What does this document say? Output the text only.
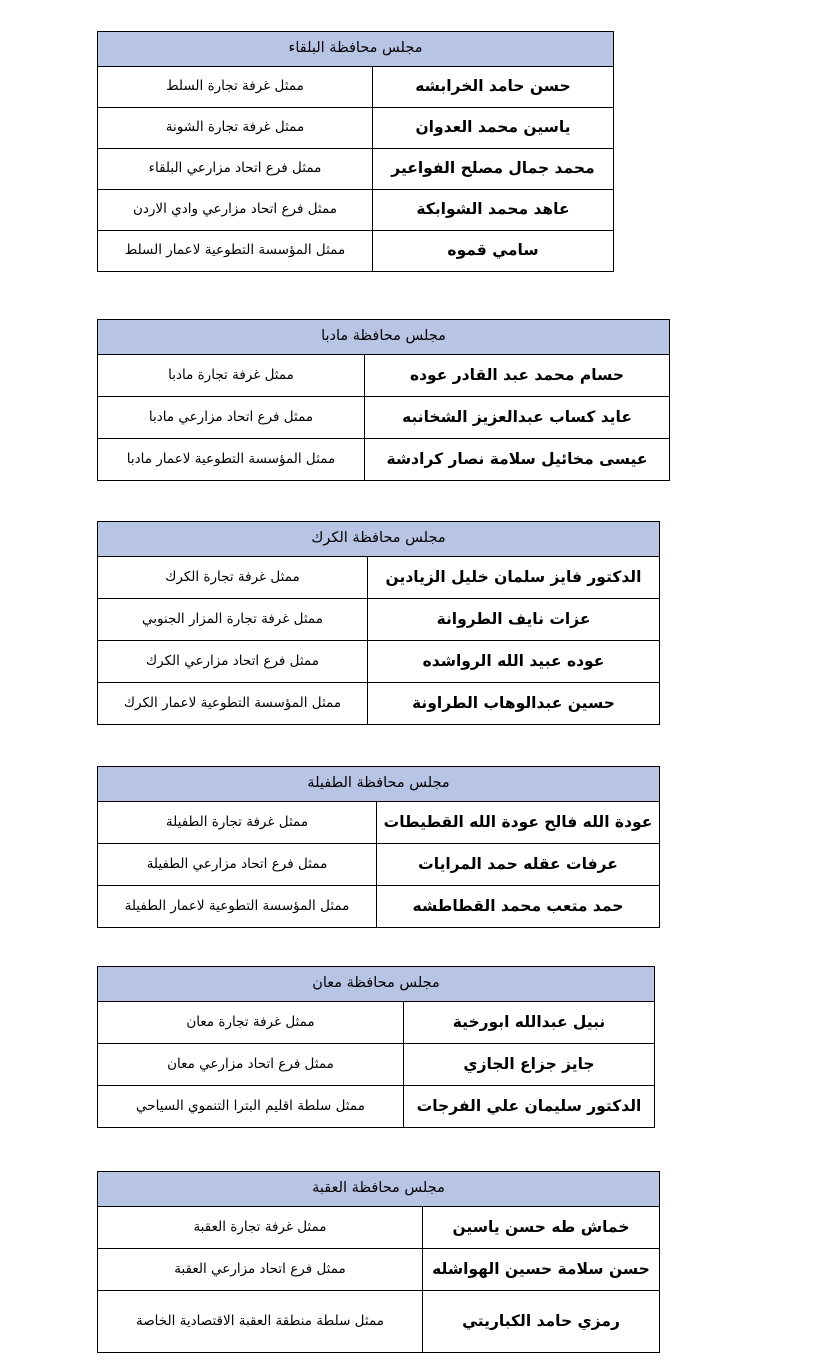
مجلس محافظة البلقاء	
حسن حامد الخرابشه	ممثل غرفة تجارة السلط
ياسين محمد العدوان	ممثل غرفة تجارة الشونة
محمد جمال مصلح الفواعير	ممثل فرع اتحاد مزارعي البلقاء
عاهد محمد الشوابكة	ممثل فرع اتحاد مزارعي وادي الاردن
سامي قموه	ممثل المؤسسة التطوعية لاعمار السلط
مجلس محافظة مادبا	
حسام محمد عبد القادر عوده	ممثل غرفة تجارة مادبا
عايد كساب عبدالعزيز الشخانبه	ممثل فرع اتحاد مزارعي مادبا
عيسى مخائيل سلامة نصار كرادشة	ممثل المؤسسة التطوعية لاعمار مادبا
مجلس محافظة الكرك	
الدكتور فايز سلمان خليل الزيادين	ممثل غرفة تجارة الكرك
عزات نايف الطروانة	ممثل غرفة تجارة المزار الجنوبي
عوده عبيد الله الرواشده	ممثل فرع اتحاد مزارعي الكرك
حسين عبدالوهاب الطراونة	ممثل المؤسسة التطوعية لاعمار الكرك
مجلس محافظة الطفيلة	
عودة الله فالح عودة الله القطيطات	ممثل غرفة تجارة الطفيلة
عرفات عقله حمد المرايات	ممثل فرع اتحاد مزارعي الطفيلة
حمد متعب محمد القطاطشه	ممثل المؤسسة التطوعية لاعمار الطفيلة
مجلس محافظة معان	
نبيل عبدالله ابورخية	ممثل غرفة تجارة معان
جايز جزاع الجازي	ممثل فرع اتحاد مزارعي معان
الدكتور سليمان علي الفرجات	ممثل سلطة اقليم البترا التنموي السياحي
مجلس محافظة العقبة	
خماش طه حسن ياسين	ممثل غرفة تجارة العقبة
حسن سلامة حسين الهواشله	ممثل فرع اتحاد مزارعي العقبة
رمزي حامد الكباريتي	ممثل سلطة منطقة العقبة الاقتصادية الخاصة
